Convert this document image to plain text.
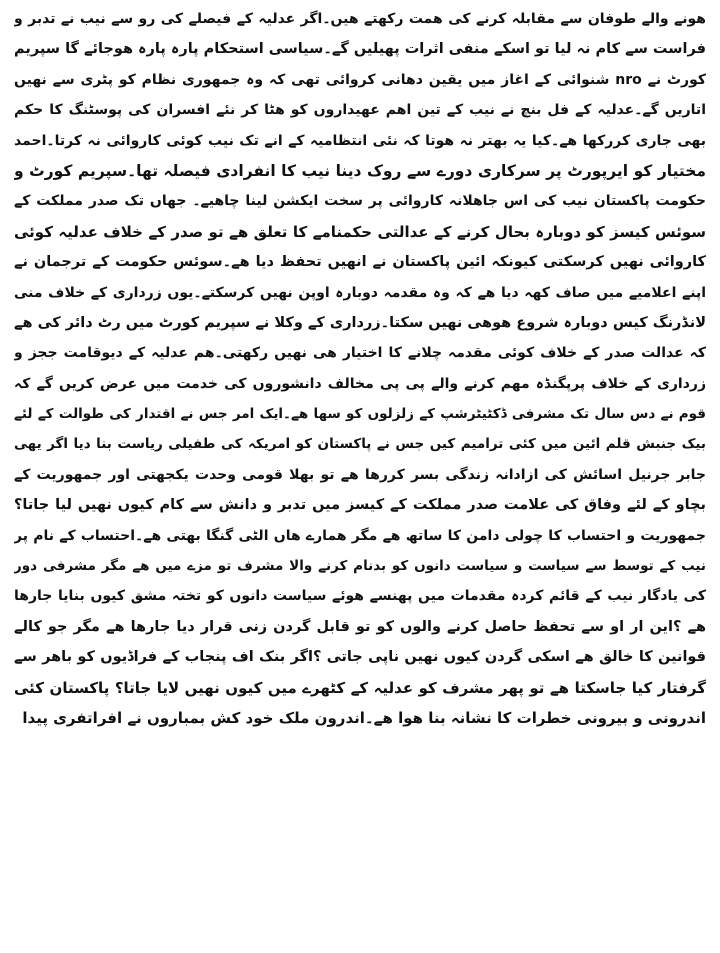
ھونے والے طوفان سے مقابلہ کرنے کی ھمت رکھتے ھیں۔اگر عدلیہ کے فیصلے کی رو سے نیب نے تدبر و
فراست سے کام نہ لیا تو اسکے منفی اثرات پھیلیں گے۔سیاسی استحکام پارہ پارہ ھوجائے گا سپریم
کورٹ نے nro شنوائی کے اغاز میں یقین دھانی کروائی تھی کہ وہ جمھوری نظام کو پٹری سے نھیں
اتاریں گے۔عدلیہ کے فل بنچ نے نیب کے تین اھم عھیداروں کو ھٹا کر نئے افسران کی پوسٹنگ کا حکم
بھی جاری کررکھا ھے۔کیا یہ بھتر نہ ھوتا کہ نئی انتظامیہ کے انے تک نیب کوئی کاروائی نہ کرتا۔احمد
مختیار کو ایرپورٹ پر سرکاری دورے سے روک دینا نیب کا انفرادی فیصلہ تھا۔سپریم کورٹ و
حکومت پاکستان نیب کی اس جاھلانہ کاروائی پر سخت ایکشن لینا چاھیے۔ جھاں تک صدر مملکت کے
سوئس کیسز کو دوبارہ بحال کرنے کے عدالتی حکمنامے کا تعلق ھے تو صدر کے خلاف عدلیہ کوئی
کاروائی نھیں کرسکتی کیونکہ ائین پاکستان نے انھیں تحفظ دیا ھے۔سوئس حکومت کے ترجمان نے
اپنے اعلامیے میں صاف کھہ دیا ھے کہ وہ مقدمہ دوبارہ اوپن نھیں کرسکتے۔یوں زرداری کے خلاف منی
لانڈرنگ کیس دوبارہ شروع ھوھی نھیں سکتا۔زرداری کے وکلا نے سپریم کورٹ میں رٹ دائر کی ھے
کہ عدالت صدر کے خلاف کوئی مقدمہ چلانے کا اختیار ھی نھیں رکھتی۔ھم عدلیہ کے دیوقامت ججز و
زرداری کے خلاف پرپگنڈہ مھم کرنے والے پی پی مخالف دانشوروں کی خدمت میں عرض کریں گے کہ
قوم نے دس سال تک مشرفی ڈکٹیٹرشپ کے زلزلوں کو سھا ھے۔ایک امر جس نے اقتدار کی طوالت کے لئے
بیک جنبش قلم ائین میں کئی ترامیم کیں جس نے پاکستان کو امریکہ کی طفیلی ریاست بنا دیا اگر یھی
جابر جرنیل اسائش کی ازادانہ زندگی بسر کررھا ھے تو بھلا قومی وحدت یکجھتی اور جمھوریت کے
بچاو کے لئے وفاق کی علامت صدر مملکت کے کیسز میں تدبر و دانش سے کام کیوں نھیں لیا جاتا؟
جمھوریت و احتساب کا چولی دامن کا ساتھ ھے مگر ھمارے ھاں الٹی گنگا بھتی ھے۔احتساب کے نام پر
نیب کے توسط سے سیاست و سیاست دانوں کو بدنام کرنے والا مشرف تو مزے میں ھے مگر مشرفی دور
کی یادگار نیب کے قائم کردہ مقدمات میں پھنسے ھوئے سیاست دانوں کو تختہ مشق کیوں بنایا جارھا
ھے ؟این ار او سے تحفظ حاصل کرنے والوں کو تو قابل گردن زنی قرار دیا جارھا ھے مگر جو کالے
قوانین کا خالق ھے اسکی گردن کیوں نھیں ناپی جاتی ؟اگر بنک اف پنجاب کے فراڈیوں کو باھر سے
گرفتار کیا جاسکتا ھے تو پھر مشرف کو عدلیہ کے کٹھرے میں کیوں نھیں لایا جاتا؟ پاکستان کئی
اندرونی و بیرونی خطرات کا نشانہ بنا ھوا ھے۔اندرون ملک خود کش بمباروں نے افراتفری پیدا
